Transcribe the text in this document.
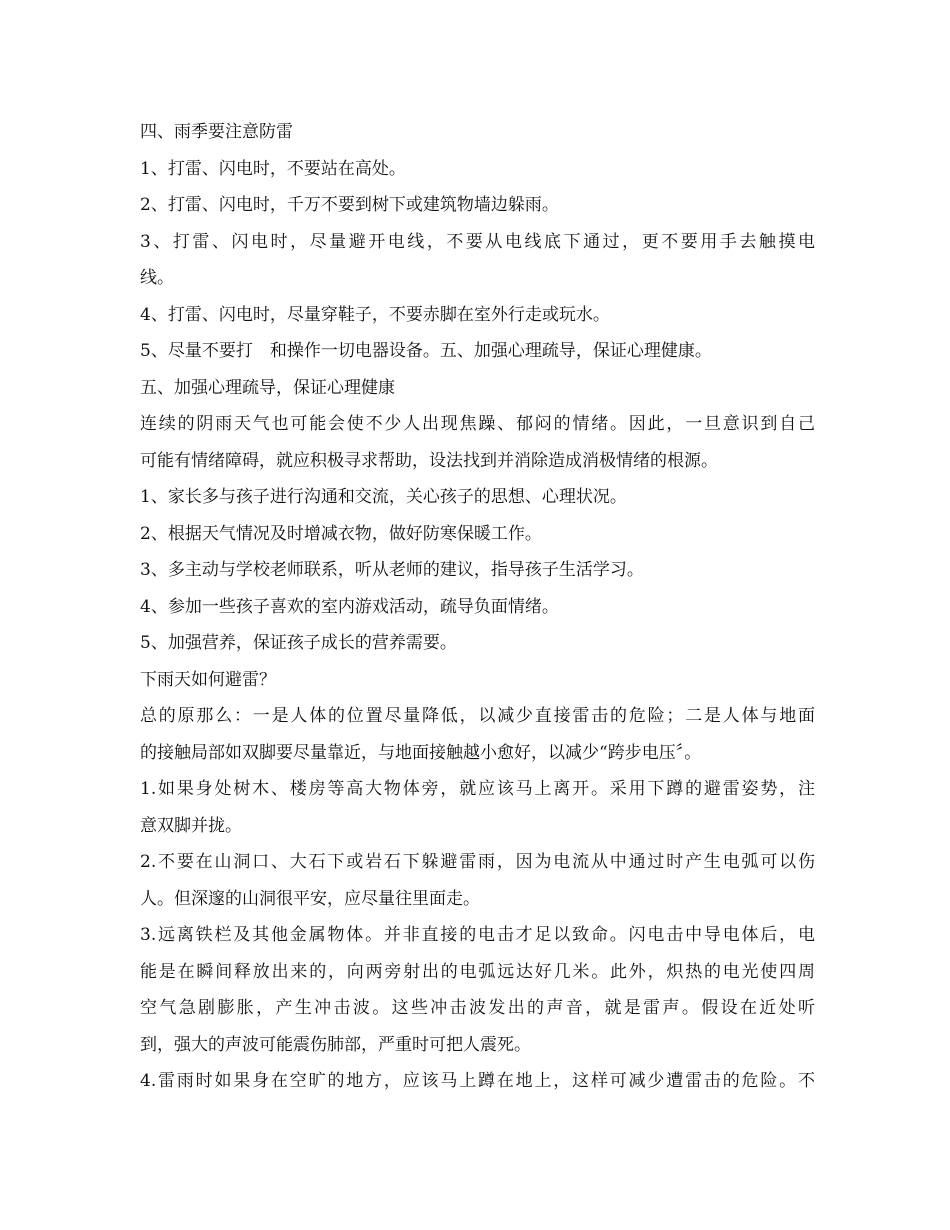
四、雨季要注意防雷
1、打雷、闪电时，不要站在高处。
2、打雷、闪电时，千万不要到树下或建筑物墙边躲雨。
3、打雷、闪电时，尽量避开电线，不要从电线底下通过，更不要用手去触摸电
线。
4、打雷、闪电时，尽量穿鞋子，不要赤脚在室外行走或玩水。
5、尽量不要打　和操作一切电器设备。五、加强心理疏导，保证心理健康。
五、加强心理疏导，保证心理健康
连续的阴雨天气也可能会使不少人出现焦躁、郁闷的情绪。因此，一旦意识到自己
可能有情绪障碍，就应积极寻求帮助，设法找到并消除造成消极情绪的根源。
1、家长多与孩子进行沟通和交流，关心孩子的思想、心理状况。
2、根据天气情况及时增减衣物，做好防寒保暖工作。
3、多主动与学校老师联系，听从老师的建议，指导孩子生活学习。
4、参加一些孩子喜欢的室内游戏活动，疏导负面情绪。
5、加强营养，保证孩子成长的营养需要。
下雨天如何避雷？
总的原那么：一是人体的位置尽量降低，以减少直接雷击的危险；二是人体与地面
的接触局部如双脚要尽量靠近，与地面接触越小愈好，以减少“跨步电压〞。
1.如果身处树木、楼房等高大物体旁，就应该马上离开。采用下蹲的避雷姿势，注
意双脚并拢。
2.不要在山洞口、大石下或岩石下躲避雷雨，因为电流从中通过时产生电弧可以伤
人。但深邃的山洞很平安，应尽量往里面走。
3.远离铁栏及其他金属物体。并非直接的电击才足以致命。闪电击中导电体后，电
能是在瞬间释放出来的，向两旁射出的电弧远达好几米。此外，炽热的电光使四周
空气急剧膨胀，产生冲击波。这些冲击波发出的声音，就是雷声。假设在近处听
到，强大的声波可能震伤肺部，严重时可把人震死。
4.雷雨时如果身在空旷的地方，应该马上蹲在地上，这样可减少遭雷击的危险。不
